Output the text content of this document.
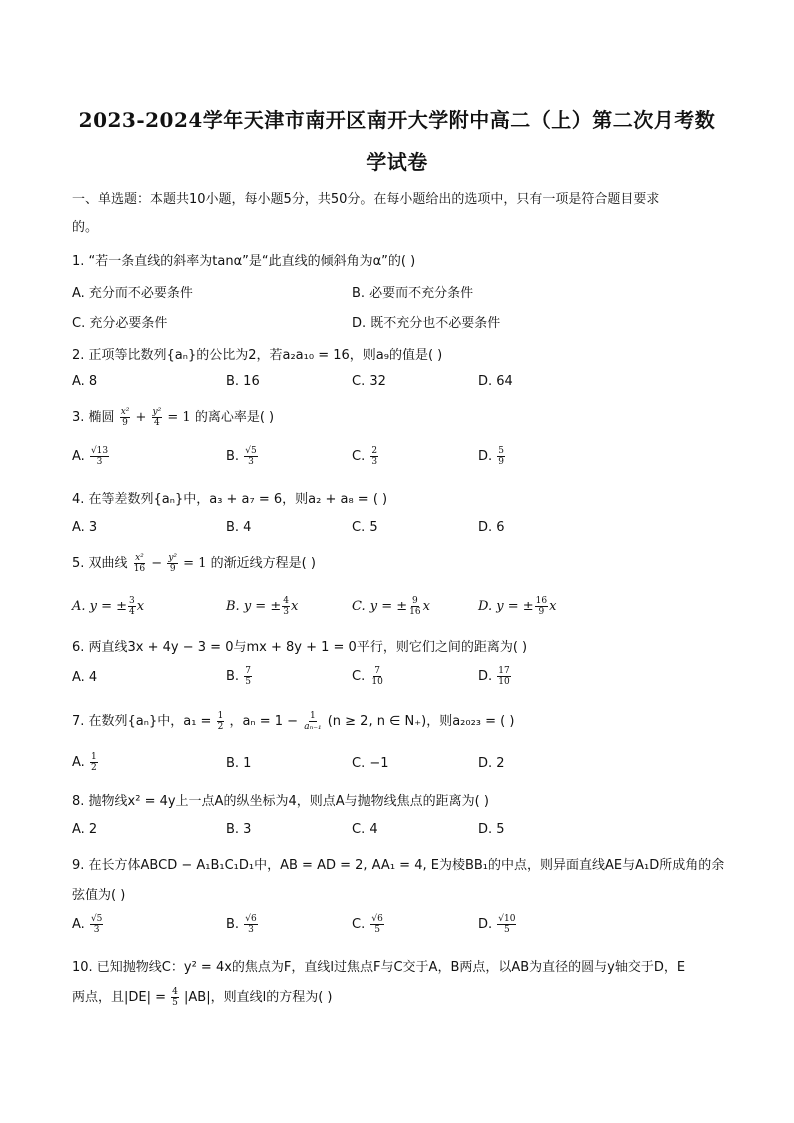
2023-2024学年天津市南开区南开大学附中高二（上）第二次月考数
学试卷
一、单选题：本题共10小题，每小题5分，共50分。在每小题给出的选项中，只有一项是符合题目要求
的。
1. “若一条直线的斜率为tanα”是“此直线的倾斜角为α”的( )
A. 充分而不必要条件	B. 必要而不充分条件
C. 充分必要条件	D. 既不充分也不必要条件
2. 正项等比数列{aₙ}的公比为2，若a₂a₁₀ = 16，则a₉的值是( )
A. 8	B. 16	C. 32	D. 64
3. 椭圆 $\frac{\text{x²}}{9} + \frac{\text{y²}}{4} = 1$ 的离心率是( )
A. $\frac{√13}{3}$	B. $\frac{√5}{3}$	C. $\frac{2}{3}$	D. $\frac{5}{9}$
4. 在等差数列{aₙ}中，a₃ + a₇ = 6，则a₂ + a₈ = ( )
A. 3	B. 4	C. 5	D. 6
5. 双曲线 $\frac{\text{x²}}{16} - \frac{\text{y²}}{9} = 1$ 的渐近线方程是( )
A. y = ± $\frac{3}{4}$ x	B. y = ± $\frac{4}{3}$ x	C. y = ± $\frac{9}{16}$ x	D. y = ± $\frac{16}{9}$ x
6. 两直线3x + 4y − 3 = 0与mx + 8y + 1 = 0平行，则它们之间的距离为( )
A. 4	B. $\frac{7}{5}$	C. $\frac{7}{10}$	D. $\frac{17}{10}$
7. 在数列{aₙ}中，$a_1 = \frac{1}{2}$ ，$a_n = 1 - \frac{1}{\text{aₙ₋₁}} (n \ge 2$, n ∈ N₊)，则a₂₀₂₃ = ( )
A. $\frac{1}{2}$	B. 1	C. −1	D. 2
8. 抛物线x² = 4y上一点A的纵坐标为4，则点A与抛物线焦点的距离为( )
A. 2	B. 3	C. 4	D. 5
9. 在长方体ABCD − A₁B₁C₁D₁中，AB = AD = 2, AA₁ = 4, E为棱BB₁的中点，则异面直线AE与A₁D所成角的余
弦值为( )
A. $\frac{√5}{3}$	B. $\frac{√6}{3}$	C. $\frac{√6}{5}$	D. $\frac{√10}{5}$
10. 已知抛物线C：y² = 4x的焦点为F，直线l过焦点F与C交于A，B两点，以AB为直径的圆与y轴交于D，E
两点，且$|DE| = \frac{4}{5} |AB|$，则直线l的方程为( )
